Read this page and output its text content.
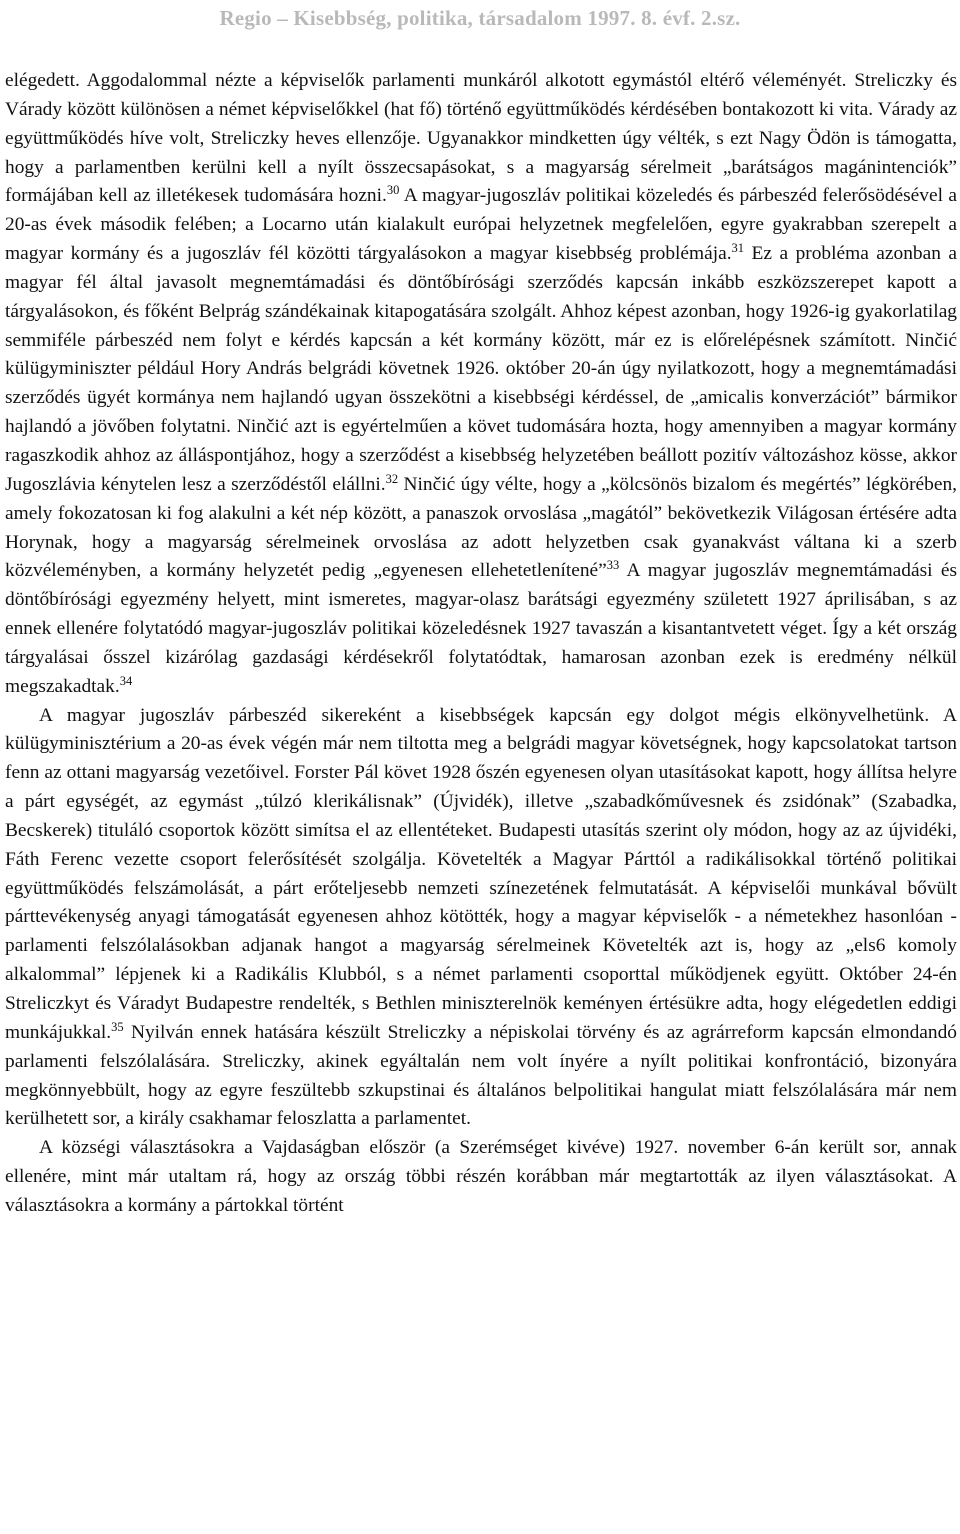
Regio – Kisebbség, politika, társadalom 1997. 8. évf. 2.sz.

elégedett. Aggodalommal nézte a képviselők parlamenti munkáról alkotott egymástól eltérő véleményét. Streliczky és Várady között különösen a német képviselőkkel (hat fő) történő együttműködés kérdésében bontakozott ki vita. Várady az együttműködés híve volt, Streliczky heves ellenzője. Ugyanakkor mindketten úgy vélték, s ezt Nagy Ödön is támogatta, hogy a parlamentben kerülni kell a nyílt összecsapásokat, s a magyarság sérelmeit „barátságos magánintenciók” formájában kell az illetékesek tudomására hozni.$^{30}$ A magyar-jugoszláv politikai közeledés és párbeszéd felerősödésével a 20-as évek második felében; a Locarno után kialakult európai helyzetnek megfelelően, egyre gyakrabban szerepelt a magyar kormány és a jugoszláv fél közötti tárgyalásokon a magyar kisebbség problémája.$^{31}$ Ez a probléma azonban a magyar fél által javasolt megnemtámadási és döntőbírósági szerződés kapcsán inkább eszközszerepet kapott a tárgyalásokon, és főként Belprág szándékainak kitapogatására szolgált. Ahhoz képest azonban, hogy 1926-ig gyakorlatilag semmiféle párbeszéd nem folyt e kérdés kapcsán a két kormány között, már ez is előrelépésnek számított. Ninčić külügyminiszter például Hory András belgrádi követnek 1926. október 20-án úgy nyilatkozott, hogy a megnemtámadási szerződés ügyét kormánya nem hajlandó ugyan összekötni a kisebbségi kérdéssel, de „amicalis konverzációt” bármikor hajlandó a jövőben folytatni. Ninčić azt is egyértelműen a követ tudomására hozta, hogy amennyiben a magyar kormány ragaszkodik ahhoz az álláspontjához, hogy a szerződést a kisebbség helyzetében beállott pozitív változáshoz kösse, akkor Jugoszlávia kénytelen lesz a szerződéstől elállni.$^{32}$ Ninčić úgy vélte, hogy a „kölcsönös bizalom és megértés” légkörében, amely fokozatosan ki fog alakulni a két nép között, a panaszok orvoslása „magától” bekövetkezik Világosan értésére adta Horynak, hogy a magyarság sérelmeinek orvoslása az adott helyzetben csak gyanakvást váltana ki a szerb közvéleményben, a kormány helyzetét pedig „egyenesen ellehetetlenítené”$^{33}$ A magyar jugoszláv megnemtámadási és döntőbírósági egyezmény helyett, mint ismeretes, magyar-olasz barátsági egyezmény született 1927 áprilisában, s az ennek ellenére folytatódó magyar-jugoszláv politikai közeledésnek 1927 tavaszán a kisantantvetett véget. Így a két ország tárgyalásai ősszel kizárólag gazdasági kérdésekről folytatódtak, hamarosan azonban ezek is eredmény nélkül megszakadtak.$^{34}$

A magyar jugoszláv párbeszéd sikereként a kisebbségek kapcsán egy dolgot mégis elkönyvelhetünk. A külügyminisztérium a 20-as évek végén már nem tiltotta meg a belgrádi magyar követségnek, hogy kapcsolatokat tartson fenn az ottani magyarság vezetőivel. Forster Pál követ 1928 őszén egyenesen olyan utasításokat kapott, hogy állítsa helyre a párt egységét, az egymást „túlzó klerikálisnak” (Újvidék), illetve „szabadkőművesnek és zsidónak” (Szabadka, Becskerek) tituláló csoportok között simítsa el az ellentéteket. Budapesti utasítás szerint oly módon, hogy az az újvidéki, Fáth Ferenc vezette csoport felerősítését szolgálja. Követelték a Magyar Párttól a radikálisokkal történő politikai együttműködés felszámolását, a párt erőteljesebb nemzeti színezetének felmutatását. A képviselői munkával bővült párttevékenység anyagi támogatását egyenesen ahhoz kötötték, hogy a magyar képviselők - a németekhez hasonlóan - parlamenti felszólalásokban adjanak hangot a magyarság sérelmeinek Követelték azt is, hogy az „els6 komoly alkalommal” lépjenek ki a Radikális Klubból, s a német parlamenti csoporttal működjenek együtt. Október 24-én Streliczkyt és Váradyt Budapestre rendelték, s Bethlen miniszterelnök keményen értésükre adta, hogy elégedetlen eddigi munkájukkal.$^{35}$ Nyilván ennek hatására készült Streliczky a népiskolai törvény és az agrárreform kapcsán elmondandó parlamenti felszólalására. Streliczky, akinek egyáltalán nem volt ínyére a nyílt politikai konfrontáció, bizonyára megkönnyebbült, hogy az egyre feszültebb szkupstinai és általános belpolitikai hangulat miatt felszólalására már nem kerülhetett sor, a király csakhamar feloszlatta a parlamentet.

A községi választásokra a Vajdaságban először (a Szerémséget kivéve) 1927. november 6-án került sor, annak ellenére, mint már utaltam rá, hogy az ország többi részén korábban már megtartották az ilyen választásokat. A választásokra a kormány a pártokkal történt
